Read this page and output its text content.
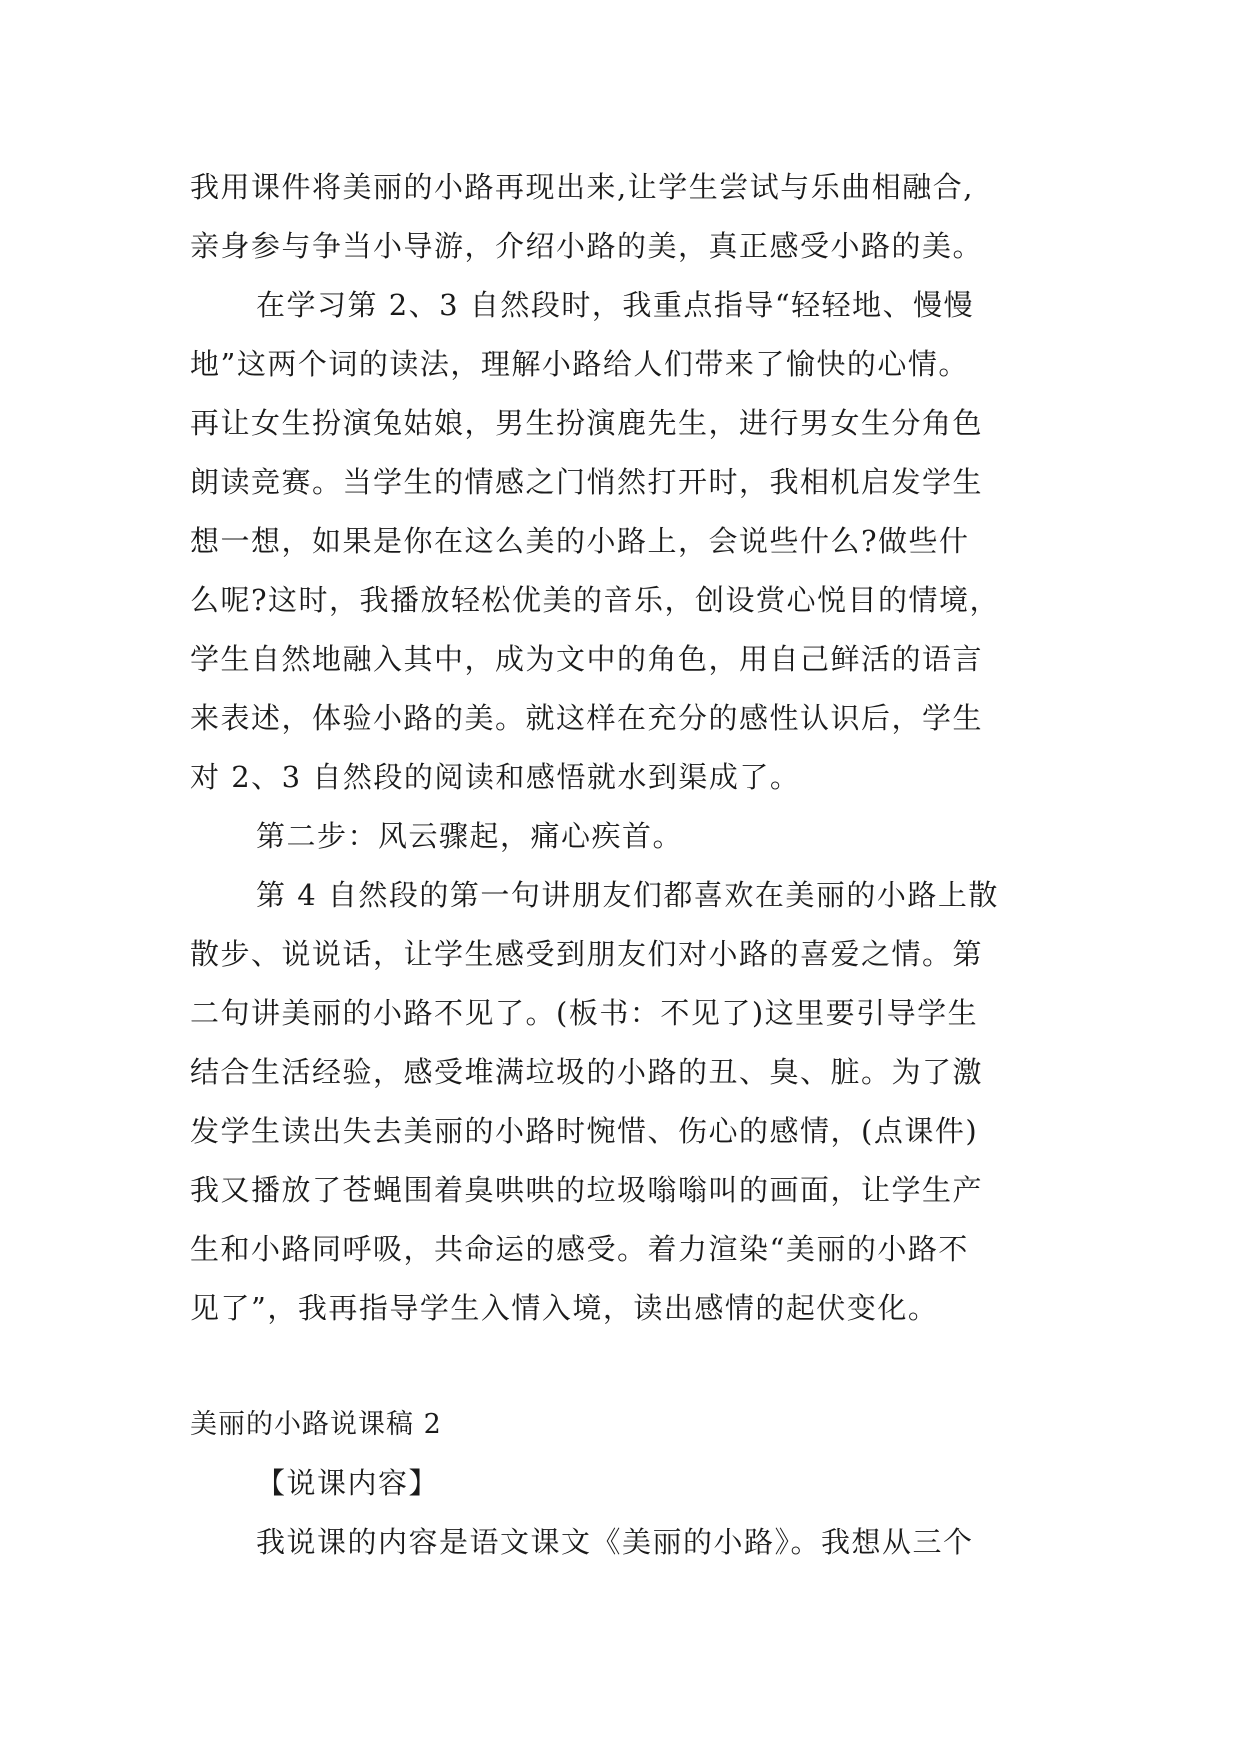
我用课件将美丽的小路再现出来,让学生尝试与乐曲相融合,
亲身参与争当小导游，介绍小路的美，真正感受小路的美。
在学习第 2、3 自然段时，我重点指导“轻轻地、慢慢
地”这两个词的读法，理解小路给人们带来了愉快的心情。
再让女生扮演兔姑娘，男生扮演鹿先生，进行男女生分角色
朗读竞赛。当学生的情感之门悄然打开时，我相机启发学生
想一想，如果是你在这么美的小路上，会说些什么?做些什
么呢?这时，我播放轻松优美的音乐，创设赏心悦目的情境，
学生自然地融入其中，成为文中的角色，用自己鲜活的语言
来表述，体验小路的美。就这样在充分的感性认识后，学生
对 2、3 自然段的阅读和感悟就水到渠成了。
第二步：风云骤起，痛心疾首。
第 4 自然段的第一句讲朋友们都喜欢在美丽的小路上散
散步、说说话，让学生感受到朋友们对小路的喜爱之情。第
二句讲美丽的小路不见了。(板书：不见了)这里要引导学生
结合生活经验，感受堆满垃圾的小路的丑、臭、脏。为了激
发学生读出失去美丽的小路时惋惜、伤心的感情，(点课件)
我又播放了苍蝇围着臭哄哄的垃圾嗡嗡叫的画面，让学生产
生和小路同呼吸，共命运的感受。着力渲染“美丽的小路不
见了”，我再指导学生入情入境，读出感情的起伏变化。
美丽的小路说课稿 2
【说课内容】
我说课的内容是语文课文《美丽的小路》。我想从三个
